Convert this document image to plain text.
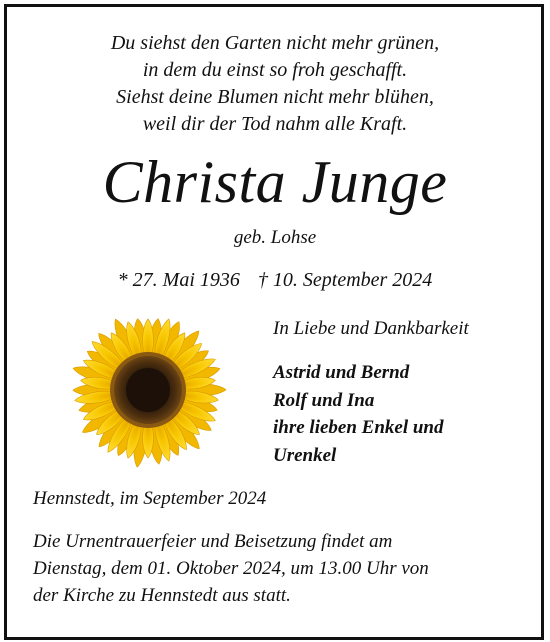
Du siehst den Garten nicht mehr grünen,
in dem du einst so froh geschafft.
Siehst deine Blumen nicht mehr blühen,
weil dir der Tod nahm alle Kraft.
Christa Junge
geb. Lohse
* 27. Mai 1936 † 10. September 2024
In Liebe und Dankbarkeit
Astrid und Bernd
Rolf und Ina
ihre lieben Enkel und
Urenkel
Hennstedt, im September 2024
Die Urnentrauerfeier und Beisetzung findet am
Dienstag, dem 01. Oktober 2024, um 13.00 Uhr von
der Kirche zu Hennstedt aus statt.
